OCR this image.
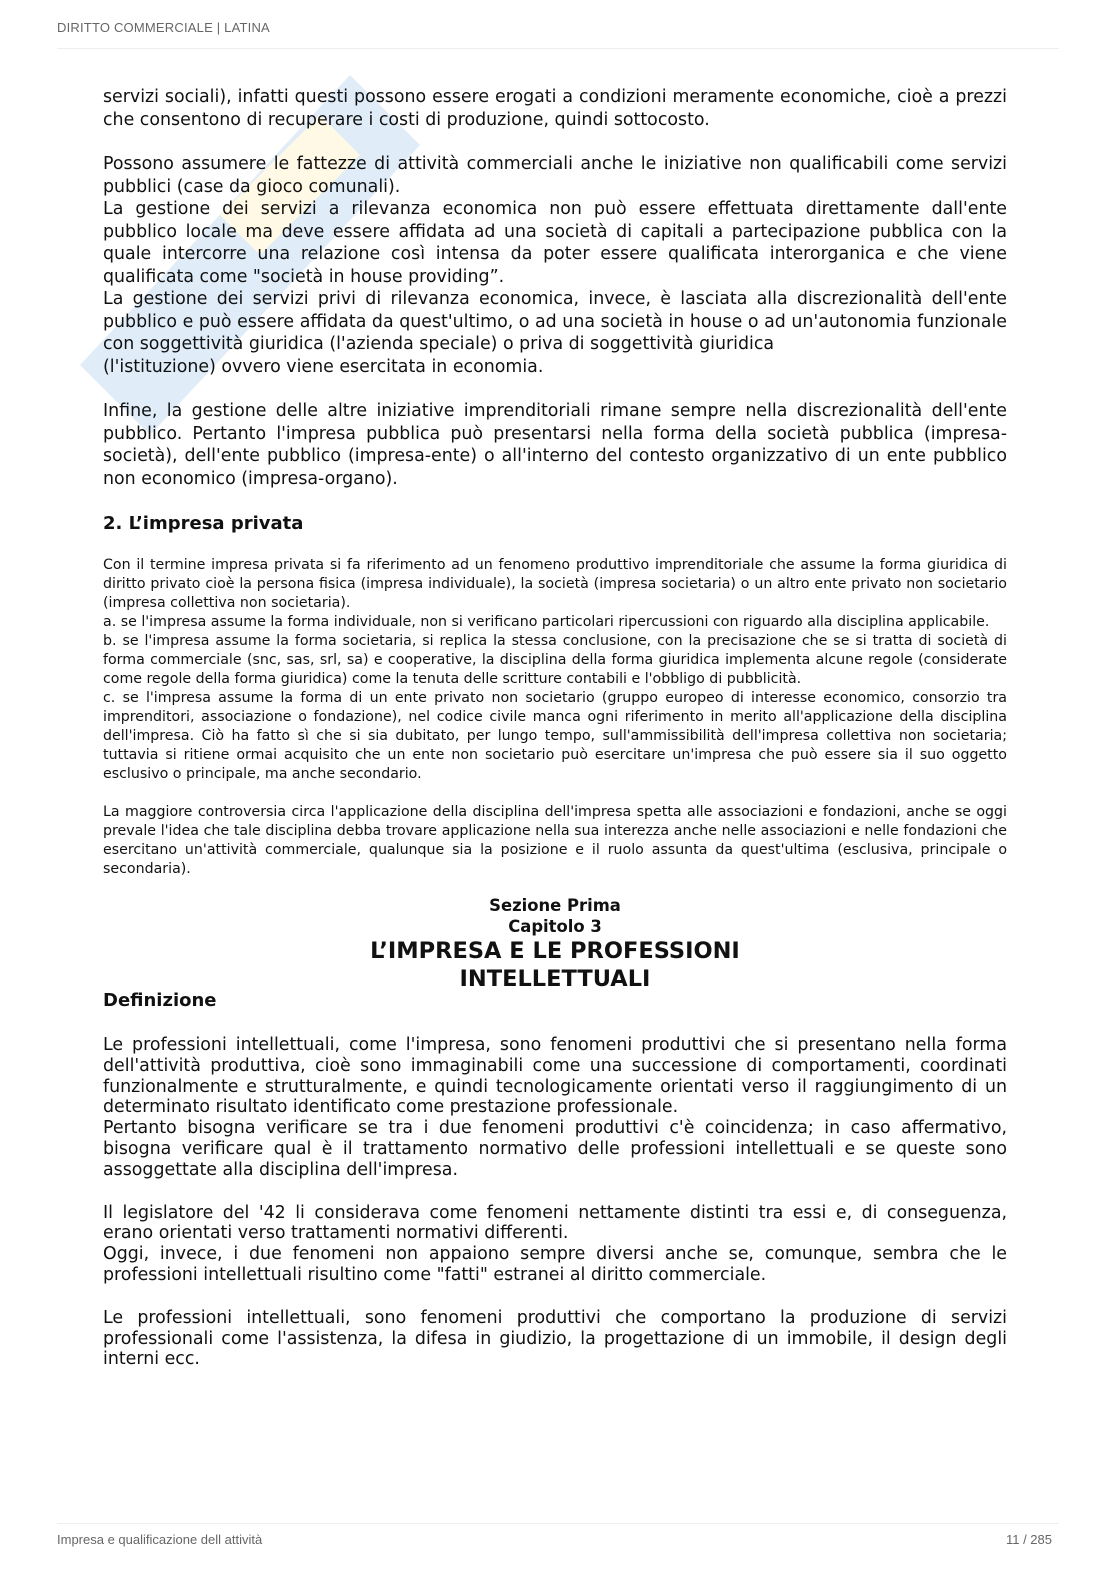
DIRITTO COMMERCIALE | LATINA

servizi sociali), infatti questi possono essere erogati a condizioni meramente economiche, cioè a prezzi che consentono di recuperare i costi di produzione, quindi sottocosto.

Possono assumere le fattezze di attività commerciali anche le iniziative non qualificabili come servizi pubblici (case da gioco comunali).

La gestione dei servizi a rilevanza economica non può essere effettuata direttamente dall'ente pubblico locale ma deve essere affidata ad una società di capitali a partecipazione pubblica con la quale intercorre una relazione così intensa da poter essere qualificata interorganica e che viene qualificata come "società in house providing”.

La gestione dei servizi privi di rilevanza economica, invece, è lasciata alla discrezionalità dell'ente pubblico e può essere affidata da quest'ultimo, o ad una società in house o ad un'autonomia funzionale con soggettività giuridica (l'azienda speciale) o priva di soggettività giuridica

(l'istituzione) ovvero viene esercitata in economia.

Infine, la gestione delle altre iniziative imprenditoriali rimane sempre nella discrezionalità dell'ente pubblico. Pertanto l'impresa pubblica può presentarsi nella forma della società pubblica (impresa-società), dell'ente pubblico (impresa-ente) o all'interno del contesto organizzativo di un ente pubblico non economico (impresa-organo).

2. L’impresa privata

Con il termine impresa privata si fa riferimento ad un fenomeno produttivo imprenditoriale che assume la forma giuridica di diritto privato cioè la persona fisica (impresa individuale), la società (impresa societaria) o un altro ente privato non societario (impresa collettiva non societaria).

a. se l'impresa assume la forma individuale, non si verificano particolari ripercussioni con riguardo alla disciplina applicabile.

b. se l'impresa assume la forma societaria, si replica la stessa conclusione, con la precisazione che se si tratta di società di forma commerciale (snc, sas, srl, sa) e cooperative, la disciplina della forma giuridica implementa alcune regole (considerate come regole della forma giuridica) come la tenuta delle scritture contabili e l'obbligo di pubblicità.

c. se l'impresa assume la forma di un ente privato non societario (gruppo europeo di interesse economico, consorzio tra imprenditori, associazione o fondazione), nel codice civile manca ogni riferimento in merito all'applicazione della disciplina dell'impresa. Ciò ha fatto sì che si sia dubitato, per lungo tempo, sull'ammissibilità dell'impresa collettiva non societaria; tuttavia si ritiene ormai acquisito che un ente non societario può esercitare un'impresa che può essere sia il suo oggetto esclusivo o principale, ma anche secondario.

La maggiore controversia circa l'applicazione della disciplina dell'impresa spetta alle associazioni e fondazioni, anche se oggi prevale l'idea che tale disciplina debba trovare applicazione nella sua interezza anche nelle associazioni e nelle fondazioni che esercitano un'attività commerciale, qualunque sia la posizione e il ruolo assunta da quest'ultima (esclusiva, principale o secondaria).

Sezione Prima
Capitolo 3
L’IMPRESA E LE PROFESSIONI
INTELLETTUALI
Definizione

Le professioni intellettuali, come l'impresa, sono fenomeni produttivi che si presentano nella forma dell'attività produttiva, cioè sono immaginabili come una successione di comportamenti, coordinati funzionalmente e strutturalmente, e quindi tecnologicamente orientati verso il raggiungimento di un determinato risultato identificato come prestazione professionale.

Pertanto bisogna verificare se tra i due fenomeni produttivi c'è coincidenza; in caso affermativo, bisogna verificare qual è il trattamento normativo delle professioni intellettuali e se queste sono assoggettate alla disciplina dell'impresa.

Il legislatore del '42 li considerava come fenomeni nettamente distinti tra essi e, di conseguenza, erano orientati verso trattamenti normativi differenti.

Oggi, invece, i due fenomeni non appaiono sempre diversi anche se, comunque, sembra che le professioni intellettuali risultino come "fatti" estranei al diritto commerciale.

Le professioni intellettuali, sono fenomeni produttivi che comportano la produzione di servizi professionali come l'assistenza, la difesa in giudizio, la progettazione di un immobile, il design degli interni ecc.

Impresa e qualificazione dell attività	11 / 285
